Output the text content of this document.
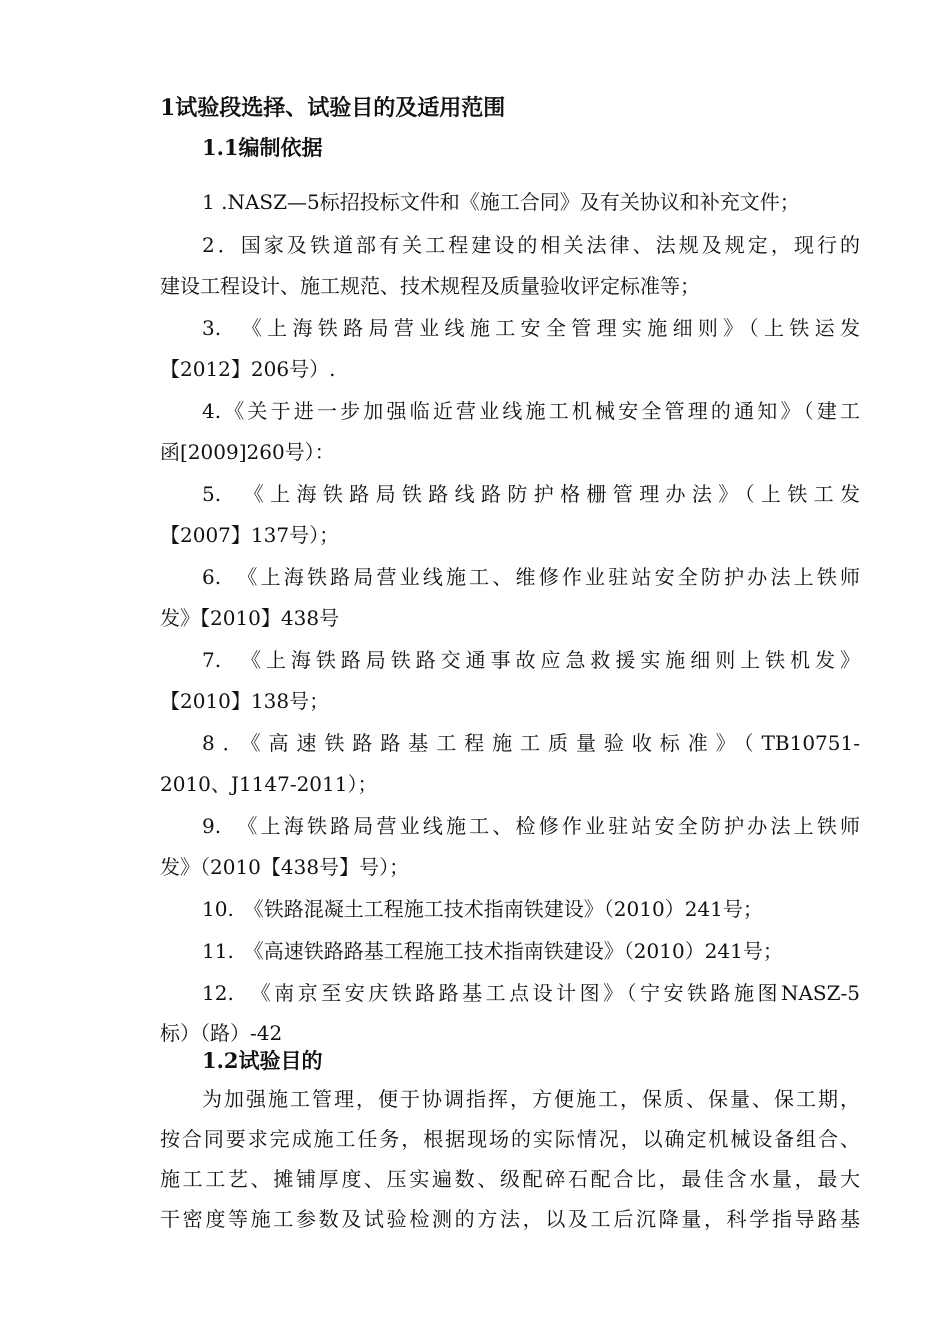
1试验段选择、试验目的及适用范围
1.1编制依据
1 .NASZ—5标招投标文件和《施工合同》及有关协议和补充文件；
2．国家及铁道部有关工程建设的相关法律、法规及规定，现行的
建设工程设计、施工规范、技术规程及质量验收评定标准等；
3.　《上海铁路局营业线施工安全管理实施细则》（上铁运发
【2012】206号）.
4.《关于进一步加强临近营业线施工机械安全管理的通知》（建工
函[2009]260号）：
5.　《上海铁路局铁路线路防护格栅管理办法》（上铁工发
【2007】137号）；
6.　《上海铁路局营业线施工、维修作业驻站安全防护办法上铁师
发》【2010】438号
7.　《上海铁路局铁路交通事故应急救援实施细则上铁机发》
【2010】138号；
8．《高速铁路路基工程施工质量验收标准》（TB10751-
2010、J1147-2011）；
9.　《上海铁路局营业线施工、检修作业驻站安全防护办法上铁师
发》（2010【438号】号）；
10.　《铁路混凝土工程施工技术指南铁建设》（2010）241号；
11.　《高速铁路路基工程施工技术指南铁建设》（2010）241号；
12.　《南京至安庆铁路路基工点设计图》（宁安铁路施图NASZ-5
标）（路）-42
1.2试验目的
为加强施工管理，便于协调指挥，方便施工，保质、保量、保工期，
按合同要求完成施工任务，根据现场的实际情况，以确定机械设备组合、
施工工艺、摊铺厚度、压实遍数、级配碎石配合比，最佳含水量，最大
干密度等施工参数及试验检测的方法，以及工后沉降量，科学指导路基
